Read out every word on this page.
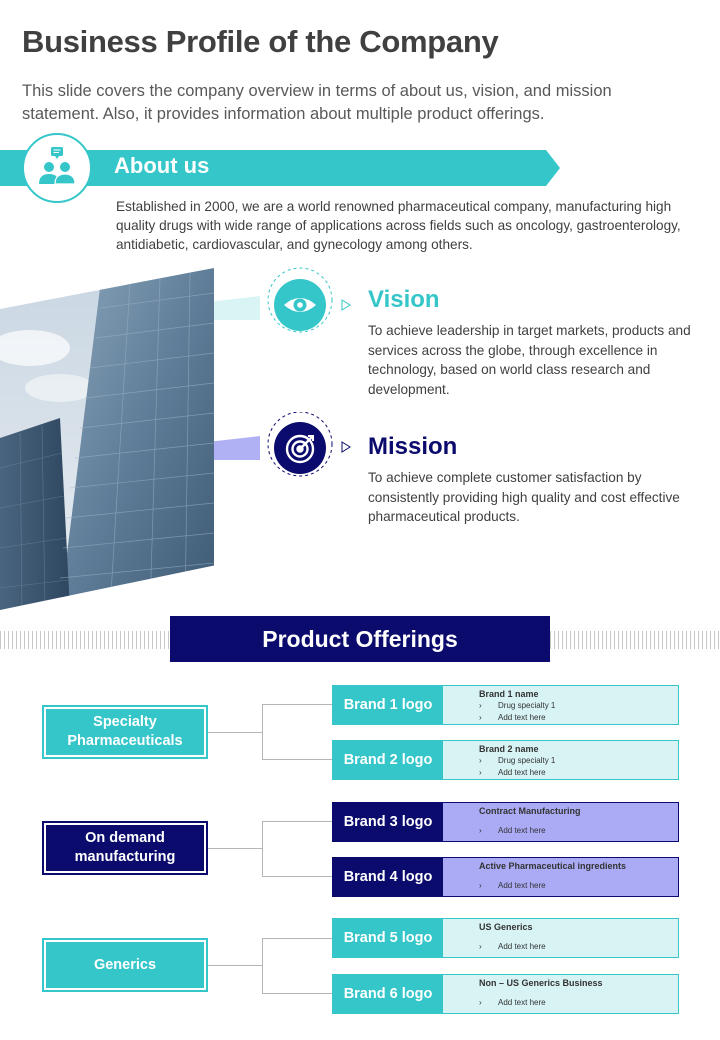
Business Profile of the Company
This slide covers the company overview in terms of about us, vision, and mission statement. Also, it provides information about multiple product offerings.
About us
Established in 2000, we are a world renowned pharmaceutical company, manufacturing high quality drugs with wide range of applications across fields such as oncology, gastroenterology, antidiabetic, cardiovascular, and gynecology among others.
Vision
To achieve leadership in target markets, products and services across the globe, through excellence in technology, based on world class research and development.
Mission
To achieve complete customer satisfaction by consistently providing high quality and cost effective pharmaceutical products.
Product Offerings
Specialty Pharmaceuticals
Brand 1 logo
Brand 1 name
› Drug specialty 1
› Add text here
Brand 2 logo
Brand 2 name
› Drug specialty 1
› Add text here
On demand manufacturing
Brand 3 logo
Contract Manufacturing
› Add text here
Brand 4 logo
Active Pharmaceutical ingredients
› Add text here
Generics
Brand 5 logo
US Generics
› Add text here
Brand 6 logo
Non – US Generics Business
› Add text here
